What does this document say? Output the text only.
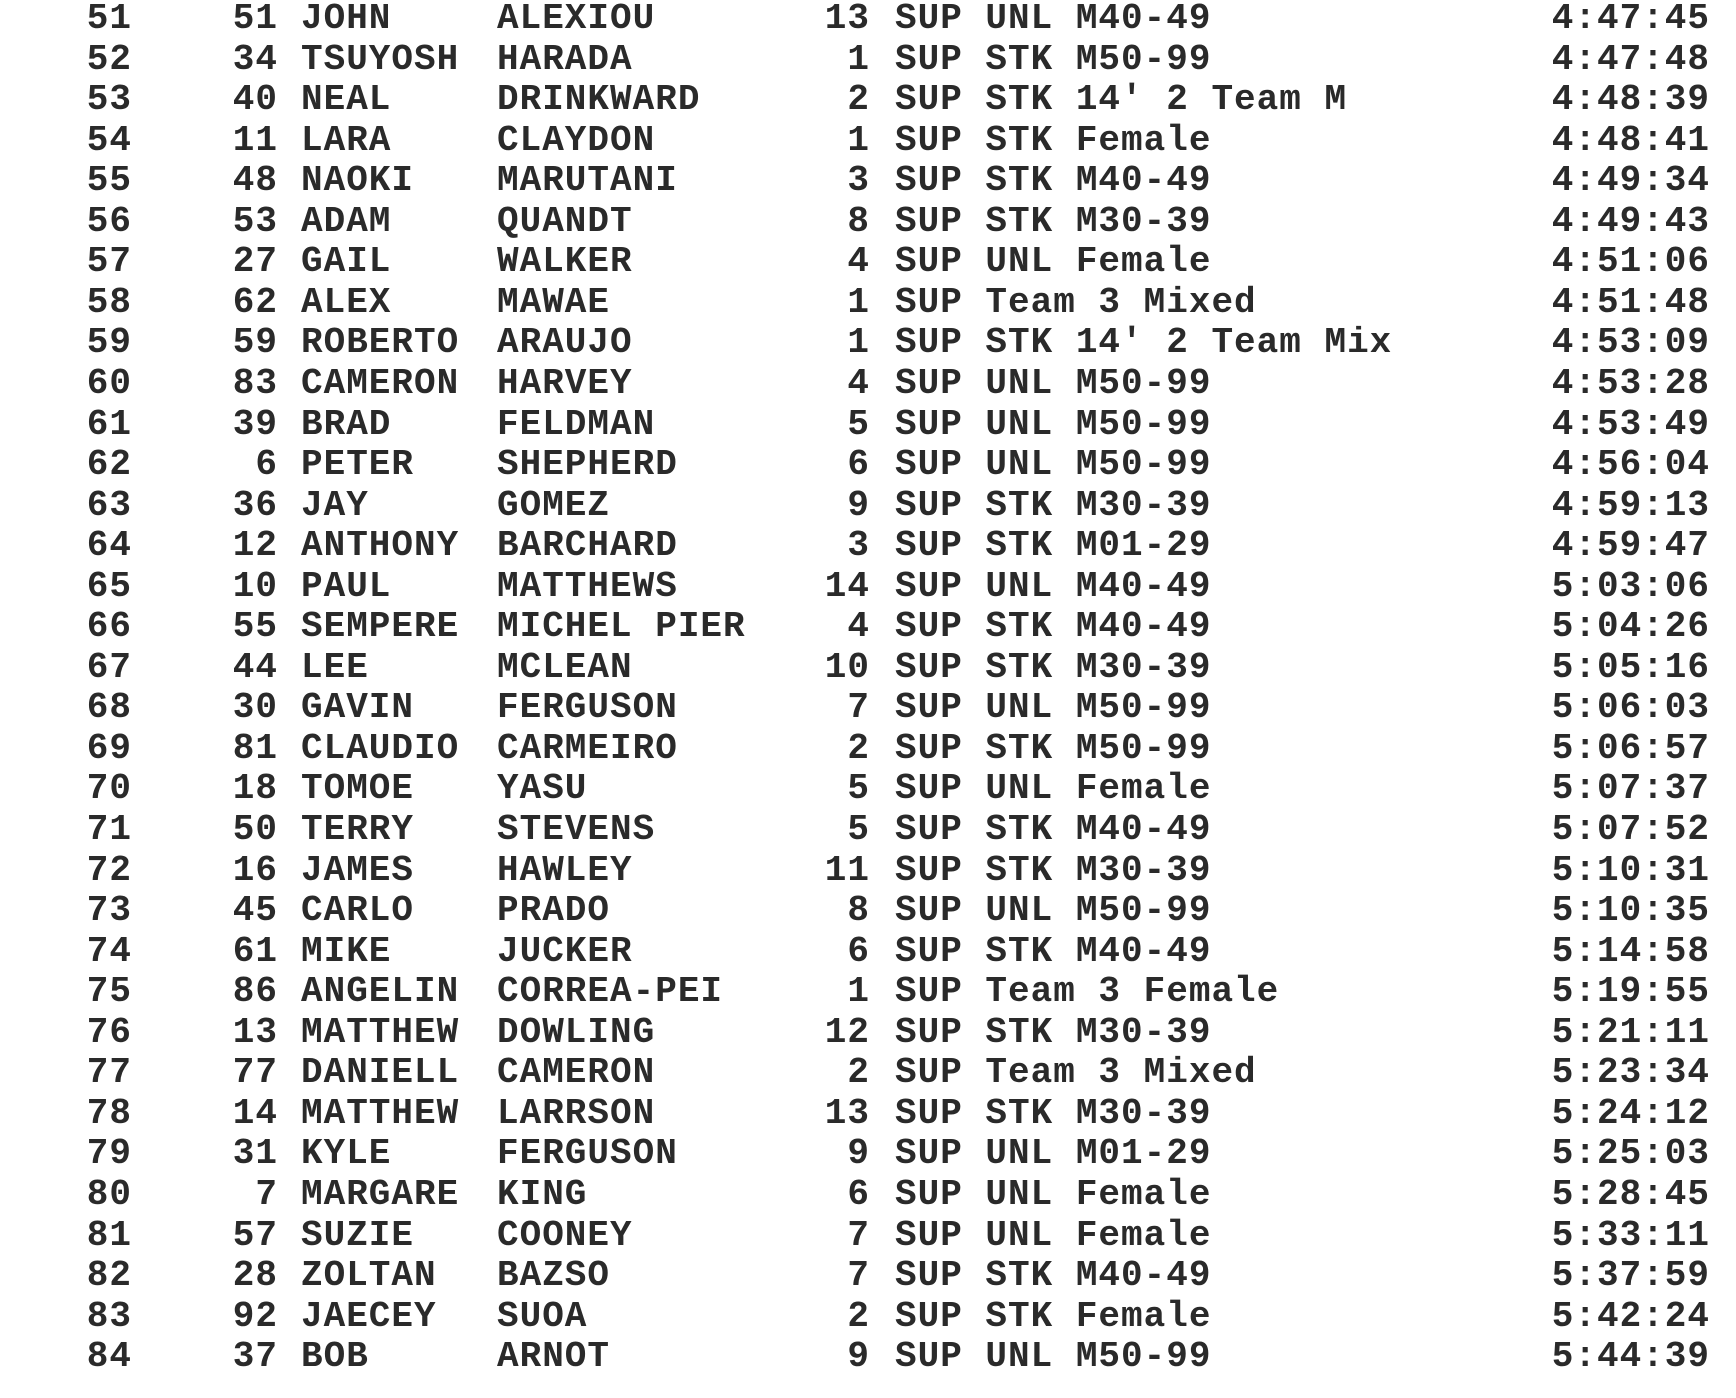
51	51 JOHN	ALEXIOU	13 SUP UNL M40-49	4:47:45
52	34 TSUYOSH	HARADA	1 SUP STK M50-99	4:47:48
53	40 NEAL	DRINKWARD	2 SUP STK 14' 2 Team M	4:48:39
54	11 LARA	CLAYDON	1 SUP STK Female	4:48:41
55	48 NAOKI	MARUTANI	3 SUP STK M40-49	4:49:34
56	53 ADAM	QUANDT	8 SUP STK M30-39	4:49:43
57	27 GAIL	WALKER	4 SUP UNL Female	4:51:06
58	62 ALEX	MAWAE	1 SUP Team 3 Mixed	4:51:48
59	59 ROBERTO	ARAUJO	1 SUP STK 14' 2 Team Mix	4:53:09
60	83 CAMERON	HARVEY	4 SUP UNL M50-99	4:53:28
61	39 BRAD	FELDMAN	5 SUP UNL M50-99	4:53:49
62	6 PETER	SHEPHERD	6 SUP UNL M50-99	4:56:04
63	36 JAY	GOMEZ	9 SUP STK M30-39	4:59:13
64	12 ANTHONY	BARCHARD	3 SUP STK M01-29	4:59:47
65	10 PAUL	MATTHEWS	14 SUP UNL M40-49	5:03:06
66	55 SEMPERE	MICHEL PIER	4 SUP STK M40-49	5:04:26
67	44 LEE	MCLEAN	10 SUP STK M30-39	5:05:16
68	30 GAVIN	FERGUSON	7 SUP UNL M50-99	5:06:03
69	81 CLAUDIO	CARMEIRO	2 SUP STK M50-99	5:06:57
70	18 TOMOE	YASU	5 SUP UNL Female	5:07:37
71	50 TERRY	STEVENS	5 SUP STK M40-49	5:07:52
72	16 JAMES	HAWLEY	11 SUP STK M30-39	5:10:31
73	45 CARLO	PRADO	8 SUP UNL M50-99	5:10:35
74	61 MIKE	JUCKER	6 SUP STK M40-49	5:14:58
75	86 ANGELIN	CORREA-PEI	1 SUP Team 3 Female	5:19:55
76	13 MATTHEW	DOWLING	12 SUP STK M30-39	5:21:11
77	77 DANIELL	CAMERON	2 SUP Team 3 Mixed	5:23:34
78	14 MATTHEW	LARRSON	13 SUP STK M30-39	5:24:12
79	31 KYLE	FERGUSON	9 SUP UNL M01-29	5:25:03
80	7 MARGARE	KING	6 SUP UNL Female	5:28:45
81	57 SUZIE	COONEY	7 SUP UNL Female	5:33:11
82	28 ZOLTAN	BAZSO	7 SUP STK M40-49	5:37:59
83	92 JAECEY	SUOA	2 SUP STK Female	5:42:24
84	37 BOB	ARNOT	9 SUP UNL M50-99	5:44:39
